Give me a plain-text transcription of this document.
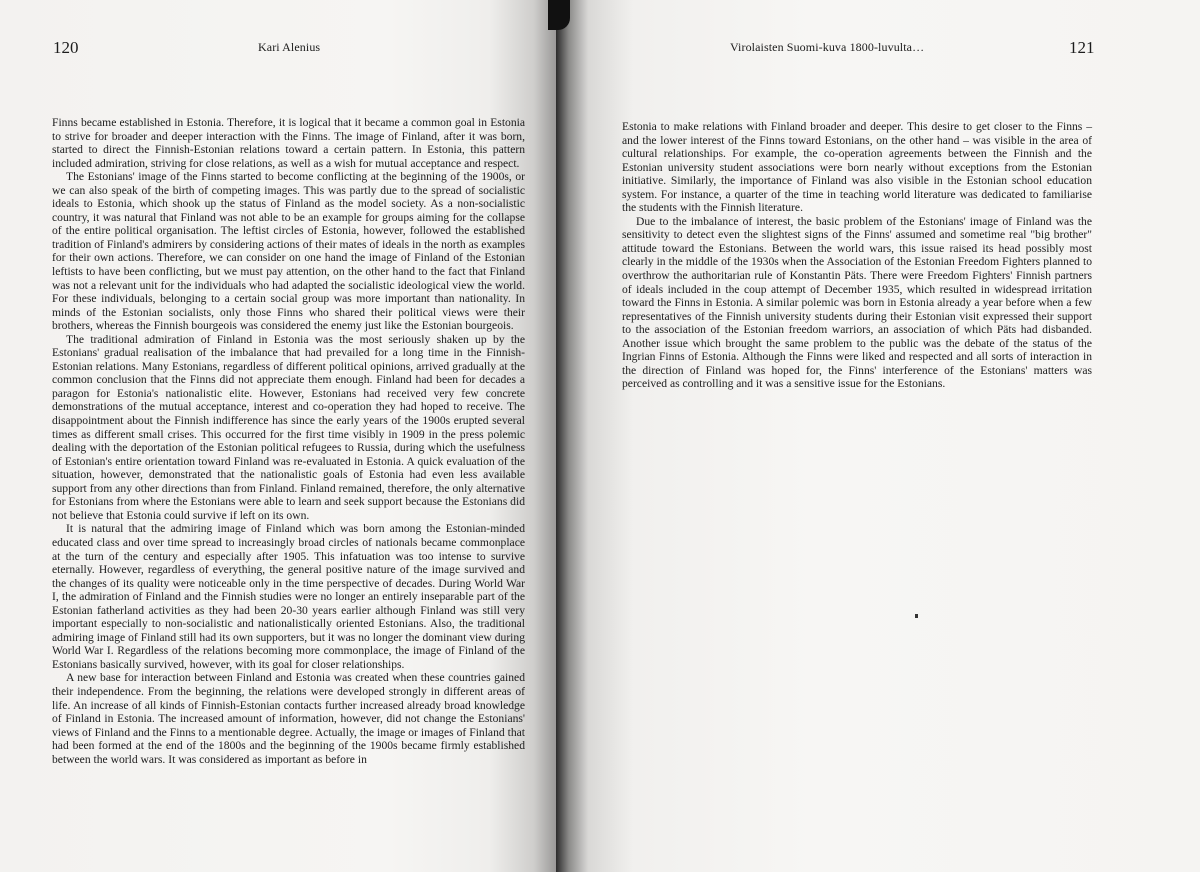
120	Kari Alenius

Finns became established in Estonia. Therefore, it is logical that it became a common goal in Estonia to strive for broader and deeper interaction with the Finns. The image of Finland, after it was born, started to direct the Finnish-Estonian relations toward a certain pattern. In Estonia, this pattern included admiration, striving for close relations, as well as a wish for mutual acceptance and respect.

The Estonians' image of the Finns started to become conflicting at the beginning of the 1900s, or we can also speak of the birth of competing images. This was partly due to the spread of socialistic ideals to Estonia, which shook up the status of Finland as the model society. As a non-socialistic country, it was natural that Finland was not able to be an example for groups aiming for the collapse of the entire political organisation. The leftist circles of Estonia, however, followed the established tradition of Finland's admirers by considering actions of their mates of ideals in the north as examples for their own actions. Therefore, we can consider on one hand the image of Finland of the Estonian leftists to have been conflicting, but we must pay attention, on the other hand to the fact that Finland was not a relevant unit for the individuals who had adapted the socialistic ideological view the world. For these individuals, belonging to a certain social group was more important than nationality. In minds of the Estonian socialists, only those Finns who shared their political views were their brothers, whereas the Finnish bourgeois was considered the enemy just like the Estonian bourgeois.

The traditional admiration of Finland in Estonia was the most seriously shaken up by the Estonians' gradual realisation of the imbalance that had prevailed for a long time in the Finnish-Estonian relations. Many Estonians, regardless of different political opinions, arrived gradually at the common conclusion that the Finns did not appreciate them enough. Finland had been for decades a paragon for Estonia's nationalistic elite. However, Estonians had received very few concrete demonstrations of the mutual acceptance, interest and co-operation they had hoped to receive. The disappointment about the Finnish indifference has since the early years of the 1900s erupted several times as different small crises. This occurred for the first time visibly in 1909 in the press polemic dealing with the deportation of the Estonian political refugees to Russia, during which the usefulness of Estonian's entire orientation toward Finland was re-evaluated in Estonia. A quick evaluation of the situation, however, demonstrated that the nationalistic goals of Estonia had even less available support from any other directions than from Finland. Finland remained, therefore, the only alternative for Estonians from where the Estonians were able to learn and seek support because the Estonians did not believe that Estonia could survive if left on its own.

It is natural that the admiring image of Finland which was born among the Estonian-minded educated class and over time spread to increasingly broad circles of nationals became commonplace at the turn of the century and especially after 1905. This infatuation was too intense to survive eternally. However, regardless of everything, the general positive nature of the image survived and the changes of its quality were noticeable only in the time perspective of decades. During World War I, the admiration of Finland and the Finnish studies were no longer an entirely inseparable part of the Estonian fatherland activities as they had been 20-30 years earlier although Finland was still very important especially to non-socialistic and nationalistically oriented Estonians. Also, the traditional admiring image of Finland still had its own supporters, but it was no longer the dominant view during World War I. Regardless of the relations becoming more commonplace, the image of Finland of the Estonians basically survived, however, with its goal for closer relationships.

A new base for interaction between Finland and Estonia was created when these countries gained their independence. From the beginning, the relations were developed strongly in different areas of life. An increase of all kinds of Finnish-Estonian contacts further increased already broad knowledge of Finland in Estonia. The increased amount of information, however, did not change the Estonians' views of Finland and the Finns to a mentionable degree. Actually, the image or images of Finland that had been formed at the end of the 1800s and the beginning of the 1900s became firmly established between the world wars. It was considered as important as before in

Virolaisten Suomi-kuva 1800-luvulta…	121

Estonia to make relations with Finland broader and deeper. This desire to get closer to the Finns – and the lower interest of the Finns toward Estonians, on the other hand – was visible in the area of cultural relationships. For example, the co-operation agreements between the Finnish and the Estonian university student associations were born nearly without exceptions from the Estonian initiative. Similarly, the importance of Finland was also visible in the Estonian school education system. For instance, a quarter of the time in teaching world literature was dedicated to familiarise the students with the Finnish literature.

Due to the imbalance of interest, the basic problem of the Estonians' image of Finland was the sensitivity to detect even the slightest signs of the Finns' assumed and sometime real "big brother" attitude toward the Estonians. Between the world wars, this issue raised its head possibly most clearly in the middle of the 1930s when the Association of the Estonian Freedom Fighters planned to overthrow the authoritarian rule of Konstantin Päts. There were Freedom Fighters' Finnish partners of ideals included in the coup attempt of December 1935, which resulted in widespread irritation toward the Finns in Estonia. A similar polemic was born in Estonia already a year before when a few representatives of the Finnish university students during their Estonian visit expressed their support to the association of the Estonian freedom warriors, an association of which Päts had disbanded. Another issue which brought the same problem to the public was the debate of the status of the Ingrian Finns of Estonia. Although the Finns were liked and respected and all sorts of interaction in the direction of Finland was hoped for, the Finns' interference of the Estonians' matters was perceived as controlling and it was a sensitive issue for the Estonians.
